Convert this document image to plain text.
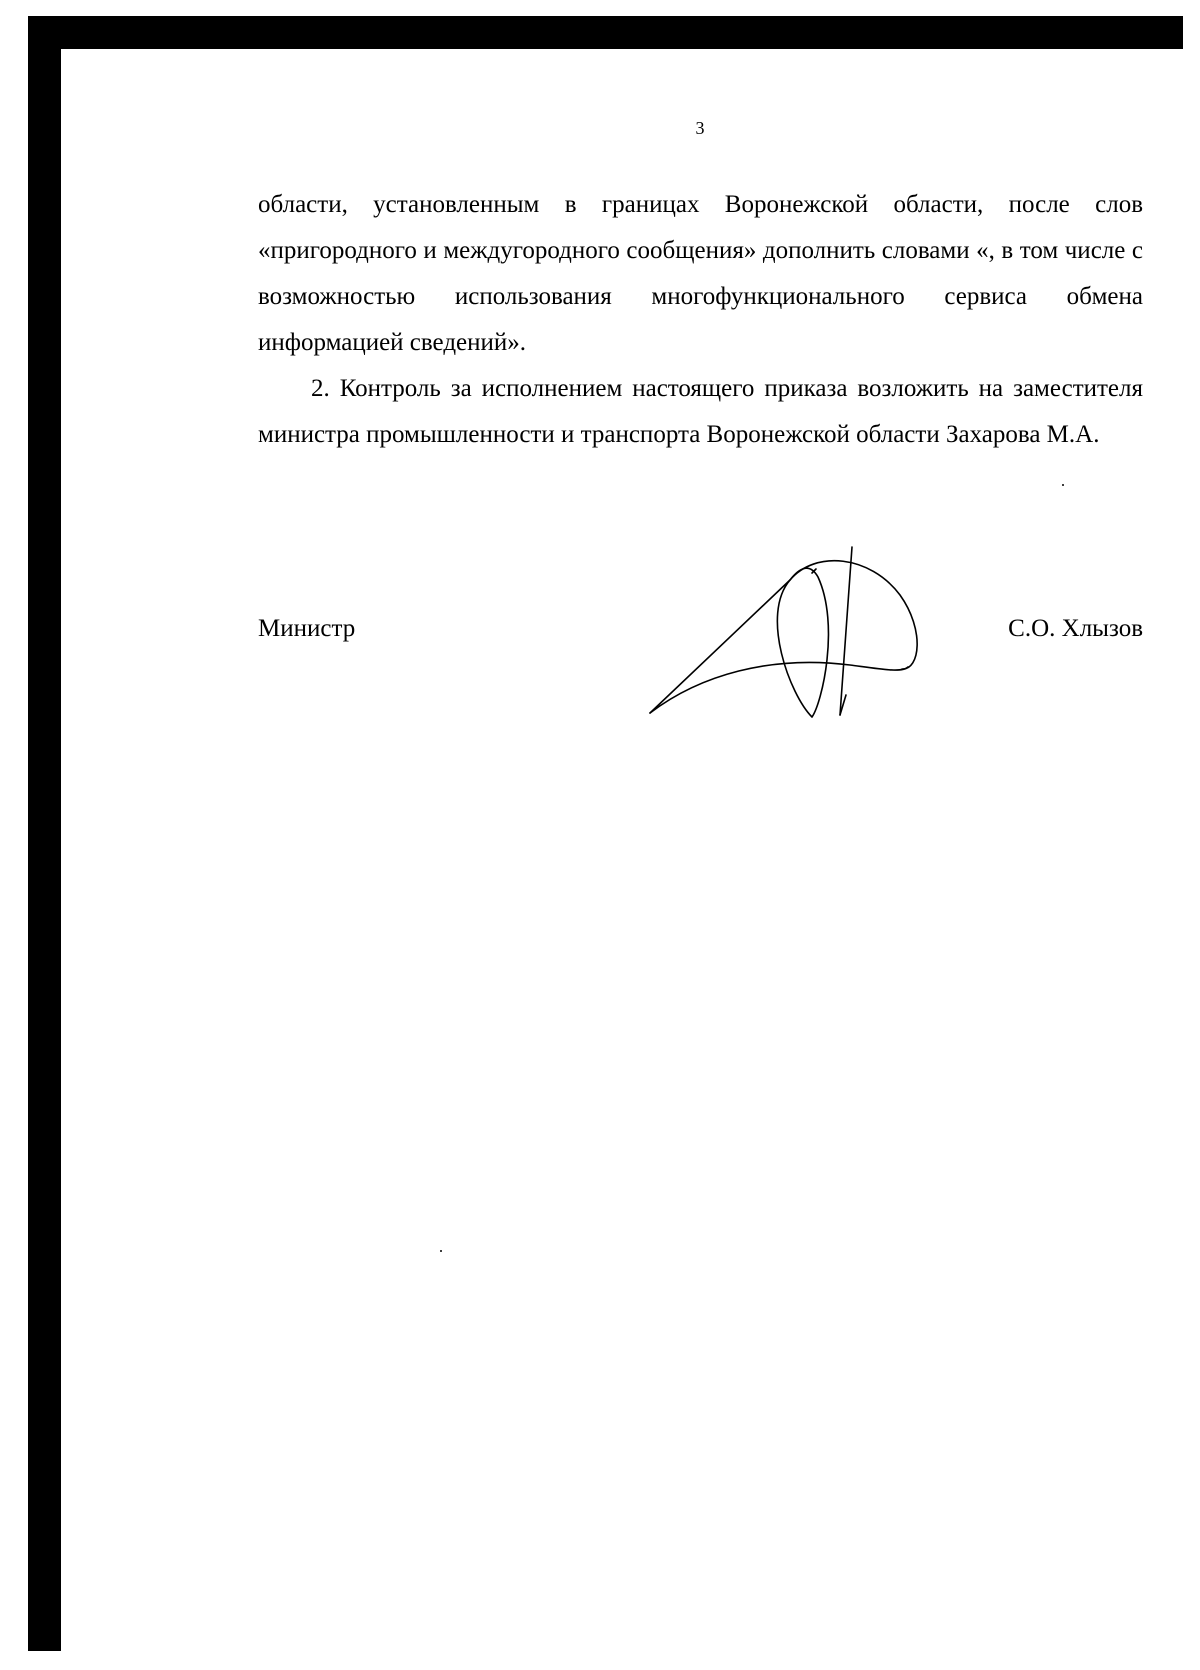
3

области, установленным в границах Воронежской области, после слов «пригородного и междугородного сообщения» дополнить словами «, в том числе с возможностью использования многофункционального сервиса обмена информацией сведений».

2. Контроль за исполнением настоящего приказа возложить на заместителя министра промышленности и транспорта Воронежской области Захарова М.А.

Министр	С.О. Хлызов
